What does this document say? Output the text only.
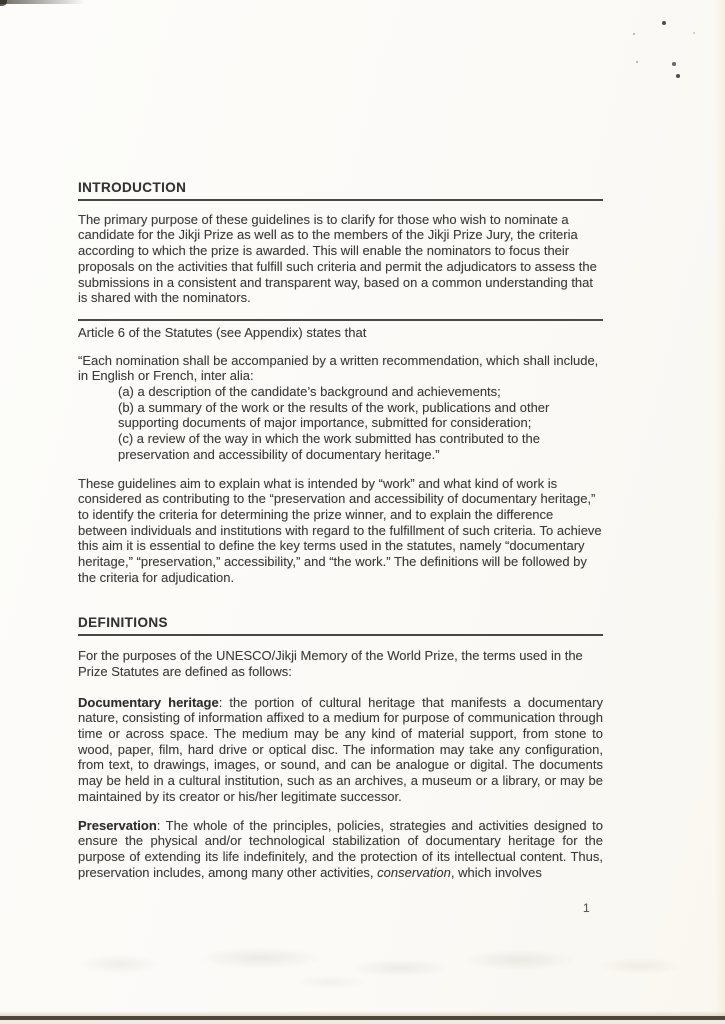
INTRODUCTION

The primary purpose of these guidelines is to clarify for those who wish to nominate a candidate for the Jikji Prize as well as to the members of the Jikji Prize Jury, the criteria according to which the prize is awarded. This will enable the nominators to focus their proposals on the activities that fulfill such criteria and permit the adjudicators to assess the submissions in a consistent and transparent way, based on a common understanding that is shared with the nominators.

Article 6 of the Statutes (see Appendix) states that

“Each nomination shall be accompanied by a written recommendation, which shall include, in English or French, inter alia:

(a) a description of the candidate’s background and achievements;

(b) a summary of the work or the results of the work, publications and other supporting documents of major importance, submitted for consideration;

(c) a review of the way in which the work submitted has contributed to the preservation and accessibility of documentary heritage.”

These guidelines aim to explain what is intended by “work” and what kind of work is considered as contributing to the “preservation and accessibility of documentary heritage,” to identify the criteria for determining the prize winner, and to explain the difference between individuals and institutions with regard to the fulfillment of such criteria. To achieve this aim it is essential to define the key terms used in the statutes, namely “documentary heritage,” “preservation,” accessibility,” and “the work.” The definitions will be followed by the criteria for adjudication.

DEFINITIONS

For the purposes of the UNESCO/Jikji Memory of the World Prize, the terms used in the Prize Statutes are defined as follows:

Documentary heritage: the portion of cultural heritage that manifests a documentary nature, consisting of information affixed to a medium for purpose of communication through time or across space. The medium may be any kind of material support, from stone to wood, paper, film, hard drive or optical disc. The information may take any configuration, from text, to drawings, images, or sound, and can be analogue or digital. The documents may be held in a cultural institution, such as an archives, a museum or a library, or may be maintained by its creator or his/her legitimate successor.

Preservation: The whole of the principles, policies, strategies and activities designed to ensure the physical and/or technological stabilization of documentary heritage for the purpose of extending its life indefinitely, and the protection of its intellectual content. Thus, preservation includes, among many other activities, conservation, which involves

1
